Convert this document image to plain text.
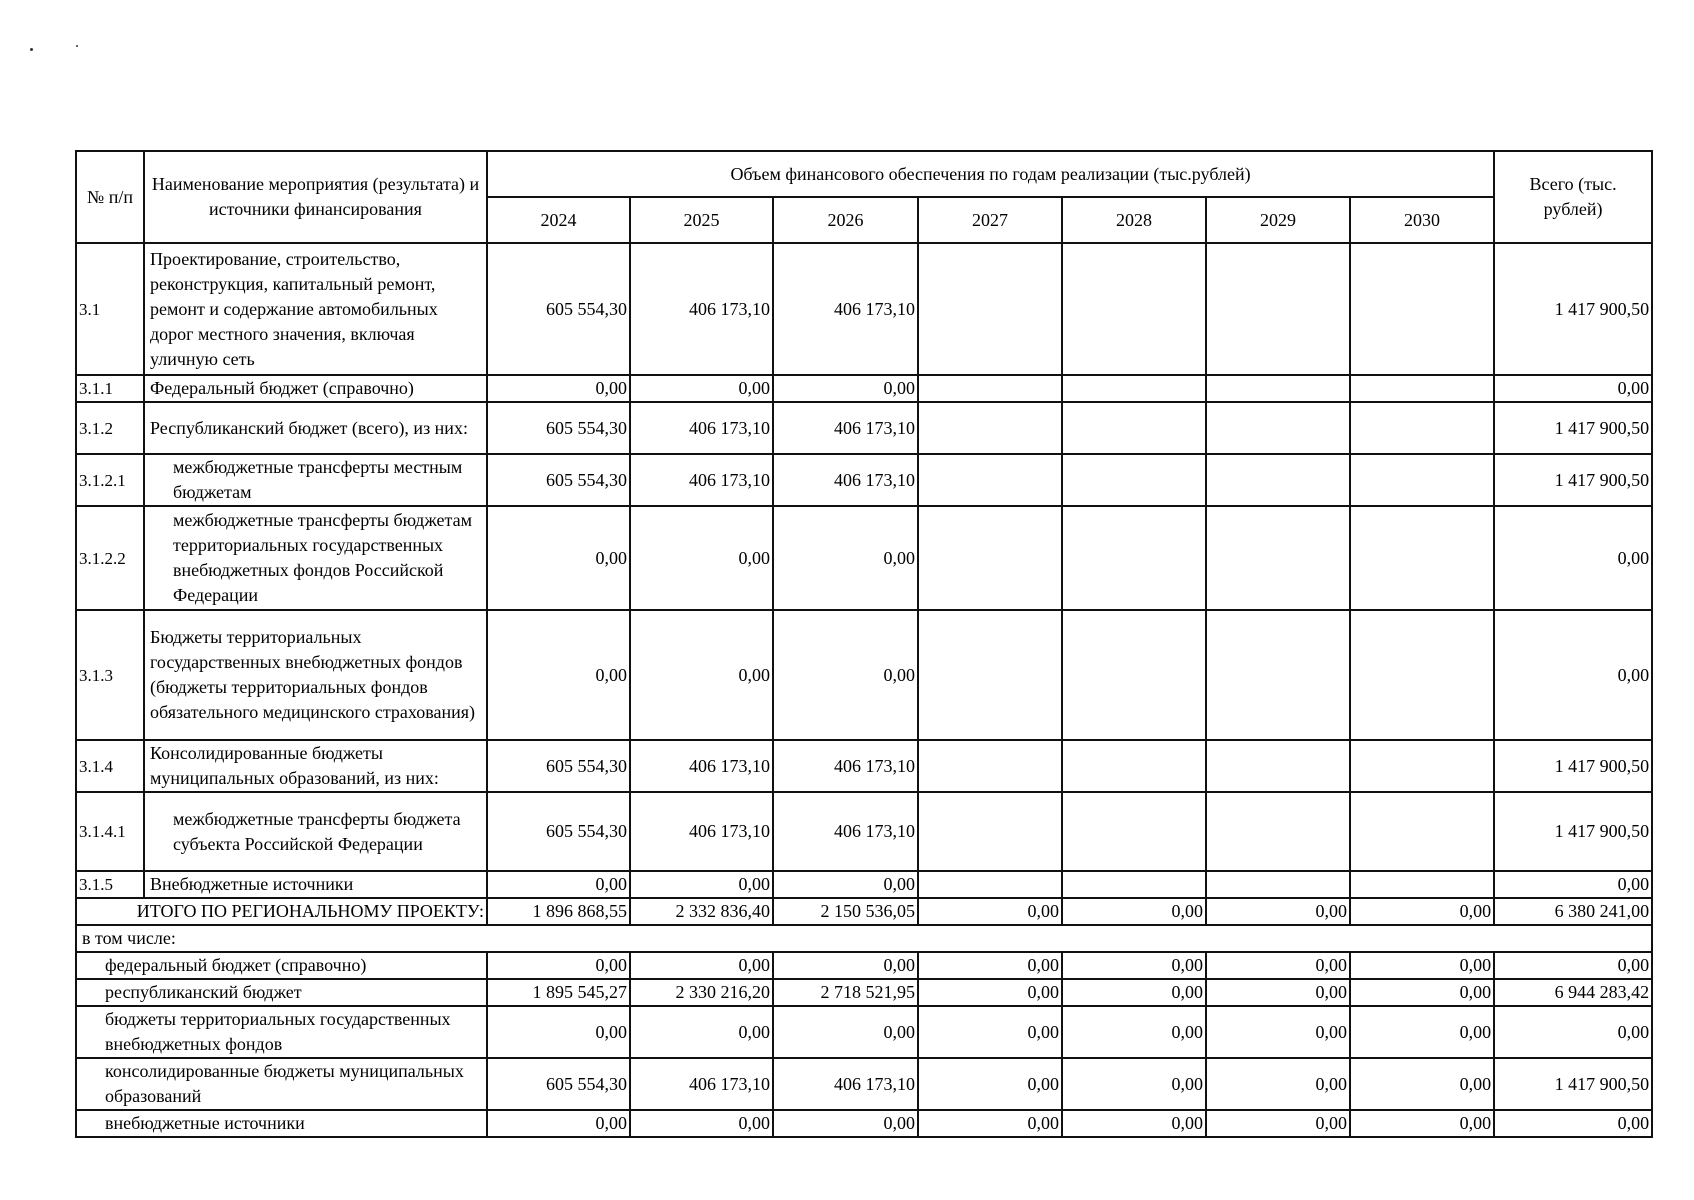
№ п/п	Наименование мероприятия (результата) и источники финансирования	Объем финансового обеспечения по годам реализации (тыс.рублей)							Всего (тыс. рублей)
		2024	2025	2026	2027	2028	2029	2030	
3.1	Проектирование, строительство, реконструкция, капитальный ремонт, ремонт и содержание автомобильных дорог местного значения, включая уличную сеть	605 554,30	406 173,10	406 173,10					1 417 900,50
3.1.1	Федеральный бюджет (справочно)	0,00	0,00	0,00					0,00
3.1.2	Республиканский бюджет (всего), из них:	605 554,30	406 173,10	406 173,10					1 417 900,50
3.1.2.1	межбюджетные трансферты местным бюджетам	605 554,30	406 173,10	406 173,10					1 417 900,50
3.1.2.2	межбюджетные трансферты бюджетам территориальных государственных внебюджетных фондов Российской Федерации	0,00	0,00	0,00					0,00
3.1.3	Бюджеты территориальных государственных внебюджетных фондов (бюджеты территориальных фондов обязательного медицинского страхования)	0,00	0,00	0,00					0,00
3.1.4	Консолидированные бюджеты муниципальных образований, из них:	605 554,30	406 173,10	406 173,10					1 417 900,50
3.1.4.1	межбюджетные трансферты бюджета субъекта Российской Федерации	605 554,30	406 173,10	406 173,10					1 417 900,50
3.1.5	Внебюджетные источники	0,00	0,00	0,00					0,00
ИТОГО ПО РЕГИОНАЛЬНОМУ ПРОЕКТУ:		1 896 868,55	2 332 836,40	2 150 536,05	0,00	0,00	0,00	0,00	6 380 241,00
в том числе:									
федеральный бюджет (справочно)		0,00	0,00	0,00	0,00	0,00	0,00	0,00	0,00
республиканский бюджет		1 895 545,27	2 330 216,20	2 718 521,95	0,00	0,00	0,00	0,00	6 944 283,42
бюджеты территориальных государственных внебюджетных фондов		0,00	0,00	0,00	0,00	0,00	0,00	0,00	0,00
консолидированные бюджеты муниципальных образований		605 554,30	406 173,10	406 173,10	0,00	0,00	0,00	0,00	1 417 900,50
внебюджетные источники		0,00	0,00	0,00	0,00	0,00	0,00	0,00	0,00
